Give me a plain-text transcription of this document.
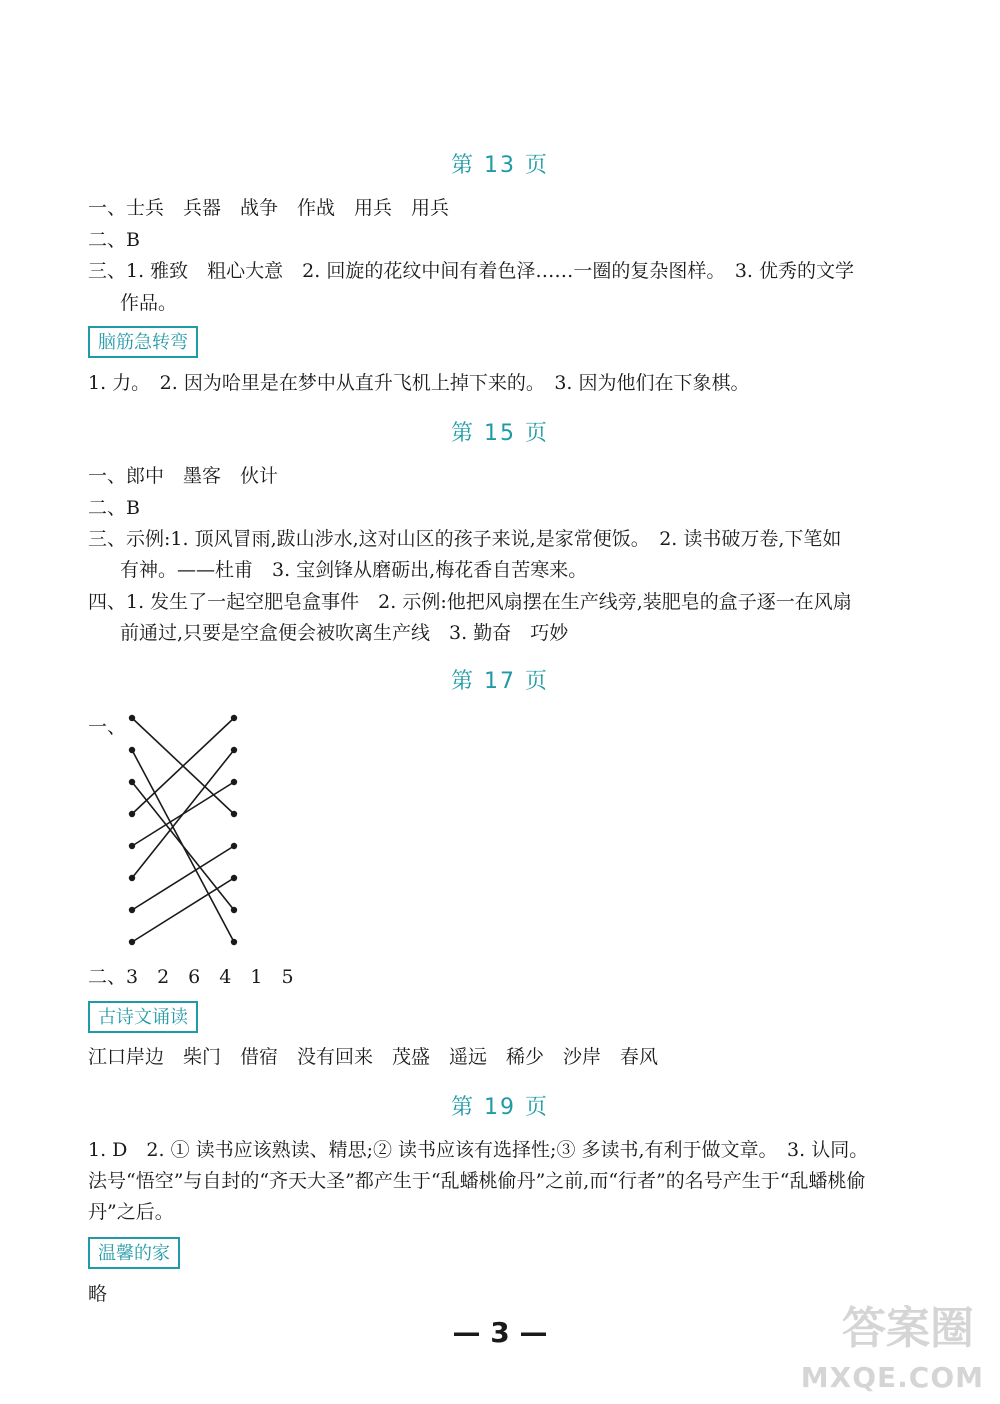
第 13 页
一、士兵　兵器　战争　作战　用兵　用兵
二、B
三、1. 雅致　粗心大意　2. 回旋的花纹中间有着色泽……一圈的复杂图样。　3. 优秀的文学
作品。
脑筋急转弯
1. 力。　2. 因为哈里是在梦中从直升飞机上掉下来的。　3. 因为他们在下象棋。
第 15 页
一、郎中　墨客　伙计
二、B
三、示例:1. 顶风冒雨,跋山涉水,这对山区的孩子来说,是家常便饭。　2. 读书破万卷,下笔如
有神。——杜甫　3. 宝剑锋从磨砺出,梅花香自苦寒来。
四、1. 发生了一起空肥皂盒事件　2. 示例:他把风扇摆在生产线旁,装肥皂的盒子逐一在风扇
前通过,只要是空盒便会被吹离生产线　3. 勤奋　巧妙
第 17 页
一、
二、3　2　6　4　1　5
古诗文诵读
江口岸边　柴门　借宿　没有回来　茂盛　遥远　稀少　沙岸　春风
第 19 页
1. D　2. ① 读书应该熟读、精思;② 读书应该有选择性;③ 多读书,有利于做文章。　3. 认同。
法号“悟空”与自封的“齐天大圣”都产生于“乱蟠桃偷丹”之前,而“行者”的名号产生于“乱蟠桃偷
丹”之后。
温馨的家
略
— 3 —	答案圈
MXQE.COM
